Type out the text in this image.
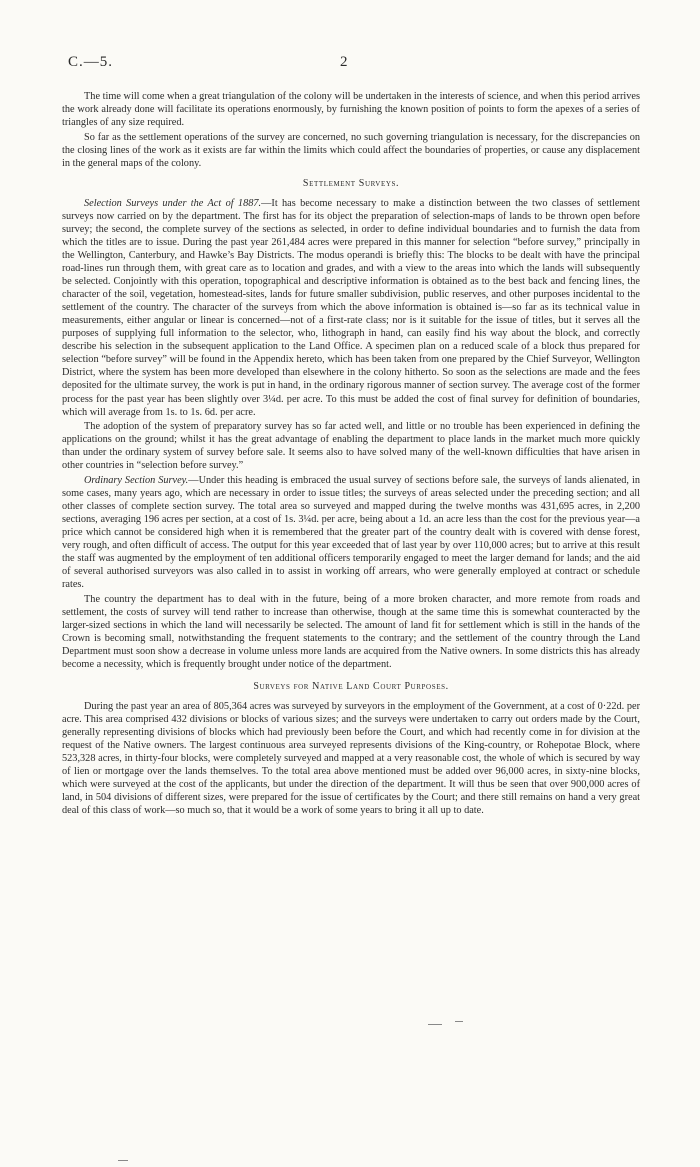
C.—5.	2

The time will come when a great triangulation of the colony will be undertaken in the interests of science, and when this period arrives the work already done will facilitate its operations enormously, by furnishing the known position of points to form the apexes of a series of triangles of any size required.

So far as the settlement operations of the survey are concerned, no such governing triangulation is necessary, for the discrepancies on the closing lines of the work as it exists are far within the limits which could affect the boundaries of properties, or cause any displacement in the general maps of the colony.

Settlement Surveys.

Selection Surveys under the Act of 1887.—It has become necessary to make a distinction between the two classes of settlement surveys now carried on by the department. The first has for its object the preparation of selection-maps of lands to be thrown open before survey; the second, the complete survey of the sections as selected, in order to define individual boundaries and to furnish the data from which the titles are to issue. During the past year 261,484 acres were prepared in this manner for selection “before survey,” principally in the Wellington, Canterbury, and Hawke’s Bay Districts. The modus operandi is briefly this: The blocks to be dealt with have the principal road-lines run through them, with great care as to location and grades, and with a view to the areas into which the lands will subsequently be selected. Conjointly with this operation, topographical and descriptive information is obtained as to the best back and fencing lines, the character of the soil, vegetation, homestead-sites, lands for future smaller subdivision, public reserves, and other purposes incidental to the settlement of the country. The character of the surveys from which the above information is obtained is—so far as its technical value in measurements, either angular or linear is concerned—not of a first-rate class; nor is it suitable for the issue of titles, but it serves all the purposes of supplying full information to the selector, who, lithograph in hand, can easily find his way about the block, and correctly describe his selection in the subsequent application to the Land Office. A specimen plan on a reduced scale of a block thus prepared for selection “before survey” will be found in the Appendix hereto, which has been taken from one prepared by the Chief Surveyor, Wellington District, where the system has been more developed than elsewhere in the colony hitherto. So soon as the selections are made and the fees deposited for the ultimate survey, the work is put in hand, in the ordinary rigorous manner of section survey. The average cost of the former process for the past year has been slightly over 3¼d. per acre. To this must be added the cost of final survey for definition of boundaries, which will average from 1s. to 1s. 6d. per acre.

The adoption of the system of preparatory survey has so far acted well, and little or no trouble has been experienced in defining the applications on the ground; whilst it has the great advantage of enabling the department to place lands in the market much more quickly than under the ordinary system of survey before sale. It seems also to have solved many of the well-known difficulties that have arisen in other countries in “selection before survey.”

Ordinary Section Survey.—Under this heading is embraced the usual survey of sections before sale, the surveys of lands alienated, in some cases, many years ago, which are necessary in order to issue titles; the surveys of areas selected under the preceding section; and all other classes of complete section survey. The total area so surveyed and mapped during the twelve months was 431,695 acres, in 2,200 sections, averaging 196 acres per section, at a cost of 1s. 3¼d. per acre, being about a 1d. an acre less than the cost for the previous year—a price which cannot be considered high when it is remembered that the greater part of the country dealt with is covered with dense forest, very rough, and often difficult of access. The output for this year exceeded that of last year by over 110,000 acres; but to arrive at this result the staff was augmented by the employment of ten additional officers temporarily engaged to meet the larger demand for lands; and the aid of several authorised surveyors was also called in to assist in working off arrears, who were generally employed at contract or schedule rates.

The country the department has to deal with in the future, being of a more broken character, and more remote from roads and settlement, the costs of survey will tend rather to increase than otherwise, though at the same time this is somewhat counteracted by the larger-sized sections in which the land will necessarily be selected. The amount of land fit for settlement which is still in the hands of the Crown is becoming small, notwithstanding the frequent statements to the contrary; and the settlement of the country through the Land Department must soon show a decrease in volume unless more lands are acquired from the Native owners. In some districts this has already become a necessity, which is frequently brought under notice of the department.

Surveys for Native Land Court Purposes.

During the past year an area of 805,364 acres was surveyed by surveyors in the employment of the Government, at a cost of 0·22d. per acre. This area comprised 432 divisions or blocks of various sizes; and the surveys were undertaken to carry out orders made by the Court, generally representing divisions of blocks which had previously been before the Court, and which had recently come in for division at the request of the Native owners. The largest continuous area surveyed represents divisions of the King-country, or Rohepotae Block, where 523,328 acres, in thirty-four blocks, were completely surveyed and mapped at a very reasonable cost, the whole of which is secured by way of lien or mortgage over the lands themselves. To the total area above mentioned must be added over 96,000 acres, in sixty-nine blocks, which were surveyed at the cost of the applicants, but under the direction of the department. It will thus be seen that over 900,000 acres of land, in 504 divisions of different sizes, were prepared for the issue of certificates by the Court; and there still remains on hand a very great deal of this class of work—so much so, that it would be a work of some years to bring it all up to date.
